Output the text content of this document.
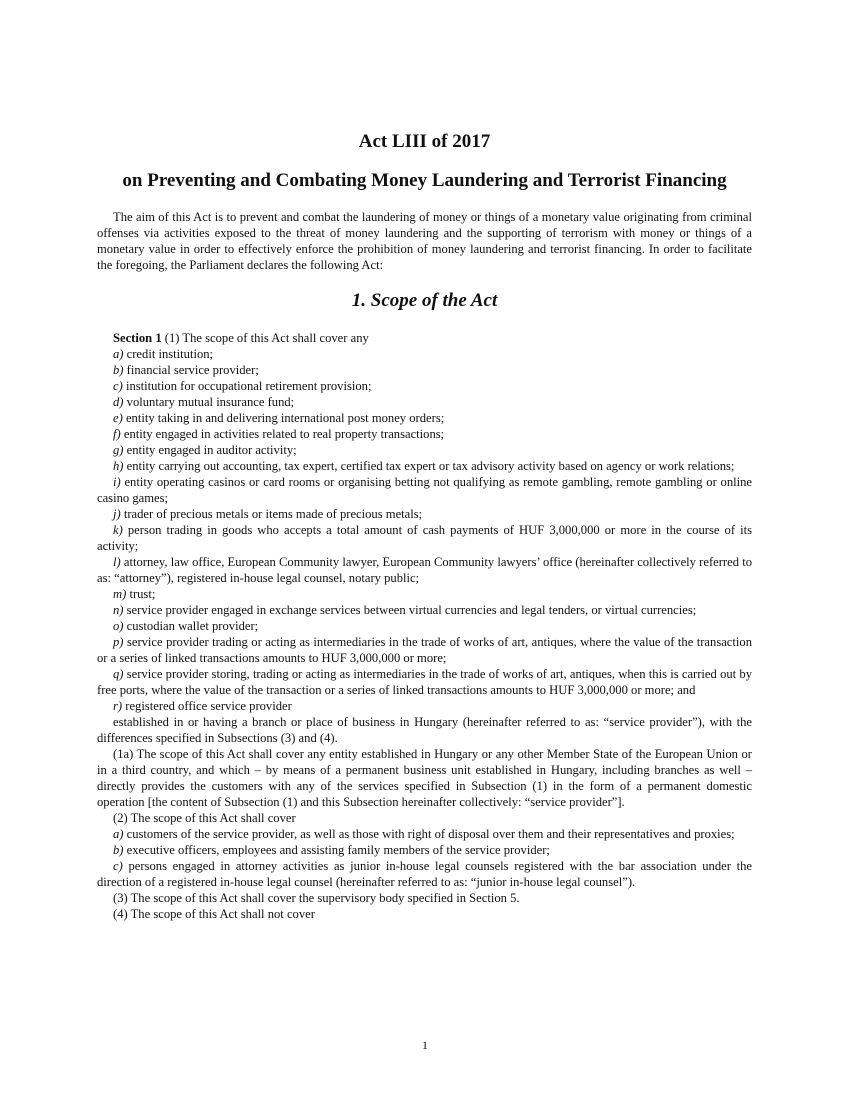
Act LIII of 2017
on Preventing and Combating Money Laundering and Terrorist Financing

The aim of this Act is to prevent and combat the laundering of money or things of a monetary value originating from criminal offenses via activities exposed to the threat of money laundering and the supporting of terrorism with money or things of a monetary value in order to effectively enforce the prohibition of money laundering and terrorist financing. In order to facilitate the foregoing, the Parliament declares the following Act:

1. Scope of the Act

Section 1 (1) The scope of this Act shall cover any

a) credit institution;

b) financial service provider;

c) institution for occupational retirement provision;

d) voluntary mutual insurance fund;

e) entity taking in and delivering international post money orders;

f) entity engaged in activities related to real property transactions;

g) entity engaged in auditor activity;

h) entity carrying out accounting, tax expert, certified tax expert or tax advisory activity based on agency or work relations;

i) entity operating casinos or card rooms or organising betting not qualifying as remote gambling, remote gambling or online casino games;

j) trader of precious metals or items made of precious metals;

k) person trading in goods who accepts a total amount of cash payments of HUF 3,000,000 or more in the course of its activity;

l) attorney, law office, European Community lawyer, European Community lawyers’ office (hereinafter collectively referred to as: “attorney”), registered in-house legal counsel, notary public;

m) trust;

n) service provider engaged in exchange services between virtual currencies and legal tenders, or virtual currencies;

o) custodian wallet provider;

p) service provider trading or acting as intermediaries in the trade of works of art, antiques, where the value of the transaction or a series of linked transactions amounts to HUF 3,000,000 or more;

q) service provider storing, trading or acting as intermediaries in the trade of works of art, antiques, when this is carried out by free ports, where the value of the transaction or a series of linked transactions amounts to HUF 3,000,000 or more; and

r) registered office service provider

established in or having a branch or place of business in Hungary (hereinafter referred to as: “service provider”), with the differences specified in Subsections (3) and (4).

(1a) The scope of this Act shall cover any entity established in Hungary or any other Member State of the European Union or in a third country, and which – by means of a permanent business unit established in Hungary, including branches as well – directly provides the customers with any of the services specified in Subsection (1) in the form of a permanent domestic operation [the content of Subsection (1) and this Subsection hereinafter collectively: “service provider”].

(2) The scope of this Act shall cover

a) customers of the service provider, as well as those with right of disposal over them and their representatives and proxies;

b) executive officers, employees and assisting family members of the service provider;

c) persons engaged in attorney activities as junior in-house legal counsels registered with the bar association under the direction of a registered in-house legal counsel (hereinafter referred to as: “junior in-house legal counsel”).

(3) The scope of this Act shall cover the supervisory body specified in Section 5.

(4) The scope of this Act shall not cover

1
